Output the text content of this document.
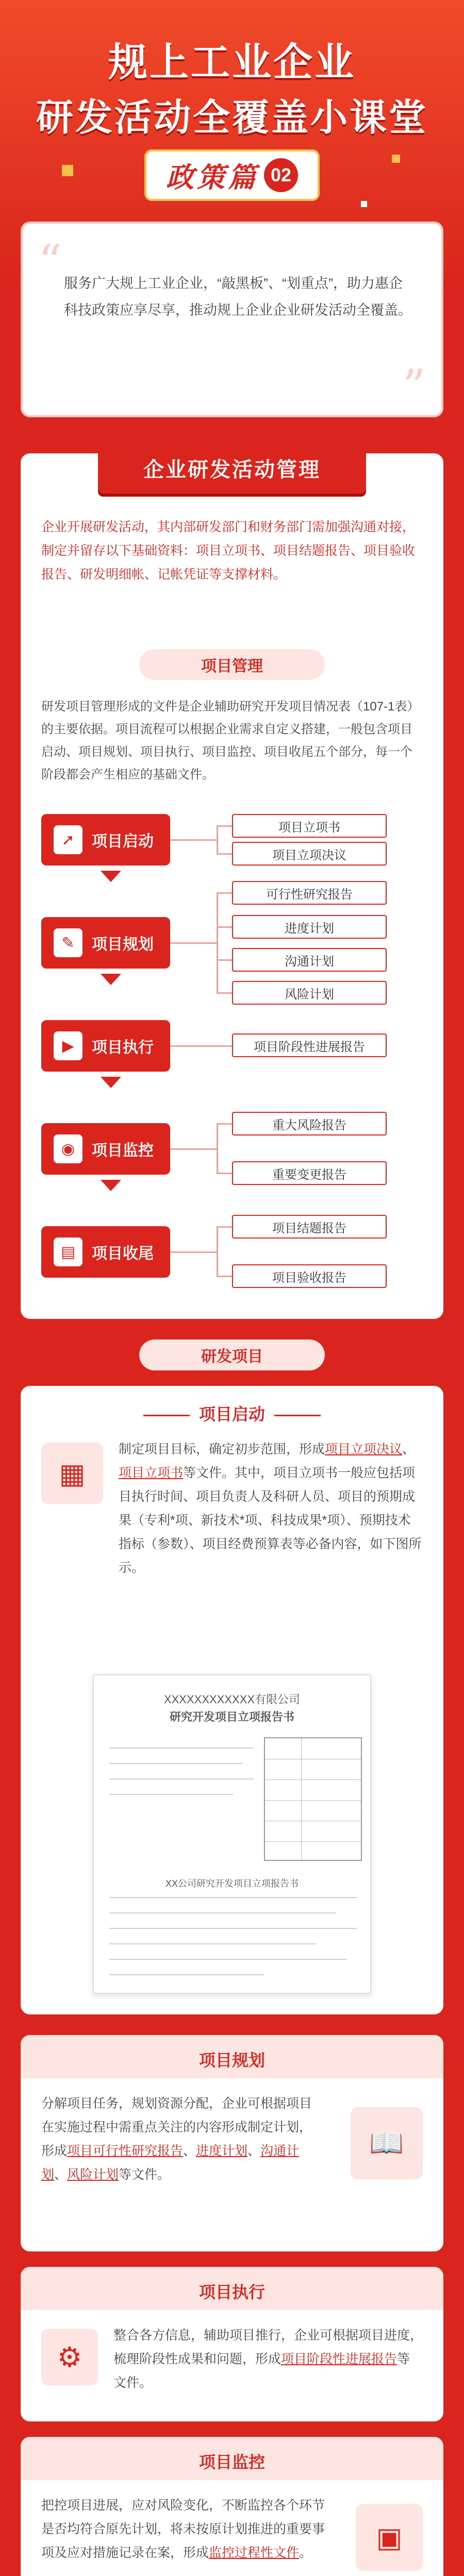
规上工业企业
研发活动全覆盖小课堂
政策篇 02
“ 服务广大规上工业企业，“敲黑板”、“划重点”，助力惠企科技政策应享尽享，推动规上企业企业研发活动全覆盖。

”
企业研发活动管理
企业开展研发活动，其内部研发部门和财务部门需加强沟通对接，制定并留存以下基础资料：项目立项书、项目结题报告、项目验收报告、研发明细帐、记帐凭证等支撑材料。
项目管理
研发项目管理形成的文件是企业辅助研究开发项目情况表（107-1表）的主要依据。项目流程可以根据企业需求自定义搭建，一般包含项目启动、项目规划、项目执行、项目监控、项目收尾五个部分，每一个阶段都会产生相应的基础文件。
➚	项目启动
✎	项目规划
▶	项目执行
◉	项目监控
▤	项目收尾
项目立项书
项目立项决议
可行性研究报告
进度计划
沟通计划
风险计划
项目阶段性进展报告
重大风险报告
重要变更报告
项目结题报告
项目验收报告
研发项目
项目启动
▦
制定项目目标，确定初步范围，形成项目立项决议、项目立项书等文件。其中，项目立项书一般应包括项目执行时间、项目负责人及科研人员、项目的预期成果（专利*项、新技术*项、科技成果*项）、预期技术指标（参数）、项目经费预算表等必备内容，如下图所示。
XXXXXXXXXXXX有限公司
研究开发项目立项报告书
XX公司研究开发项目立项报告书
项目规划
分解项目任务，规划资源分配，企业可根据项目在实施过程中需重点关注的内容形成制定计划，形成项目可行性研究报告、进度计划、沟通计划、风险计划等文件。
📖
项目执行
⚙
整合各方信息，辅助项目推行，企业可根据项目进度，梳理阶段性成果和问题，形成项目阶段性进展报告等文件。
项目监控
把控项目进展，应对风险变化，不断监控各个环节是否均符合原先计划，将未按原计划推进的重要事项及应对措施记录在案，形成监控过程性文件。	▣
